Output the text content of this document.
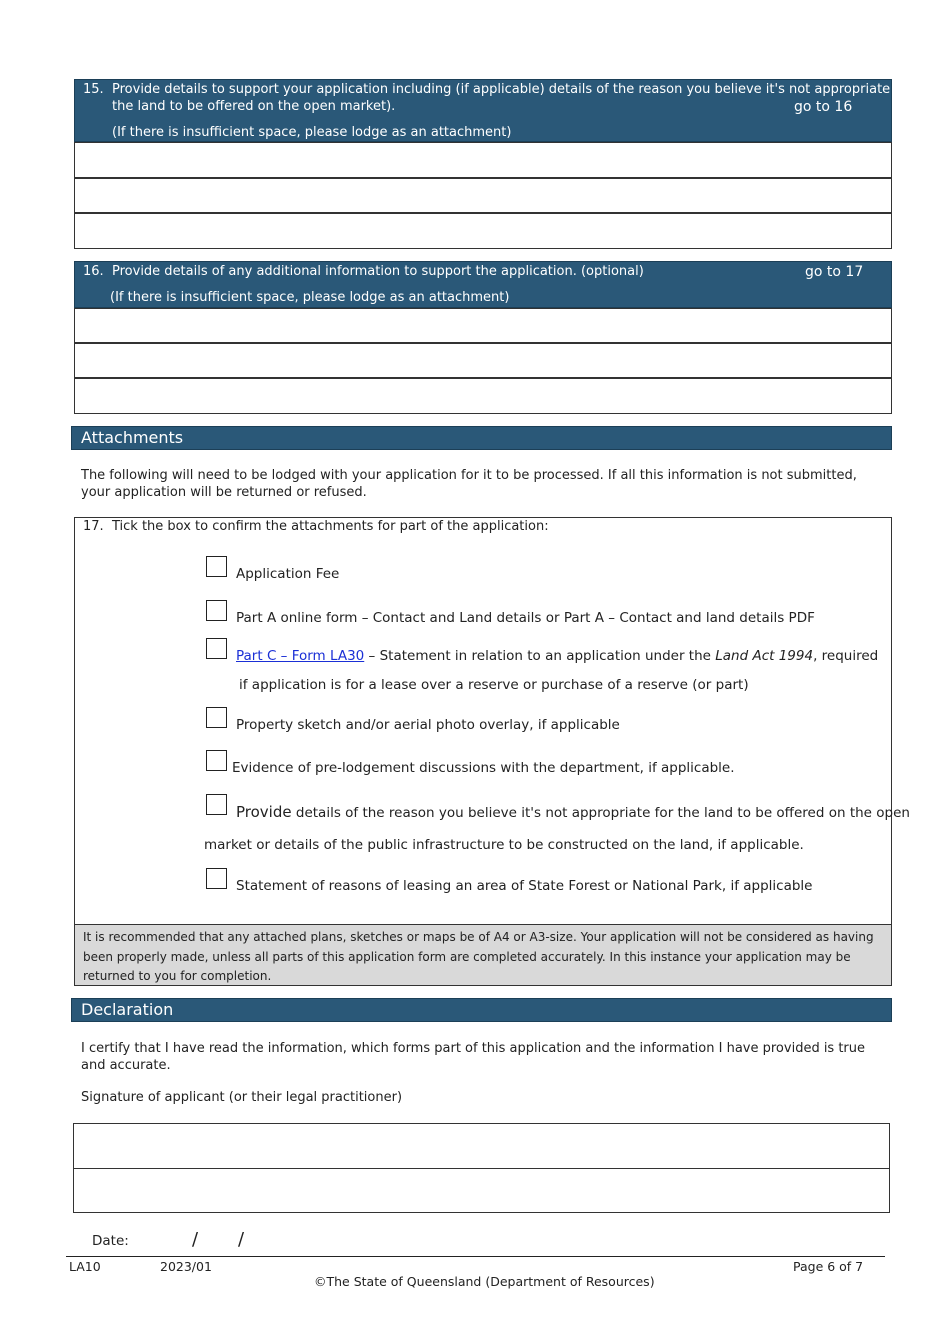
15. Provide details to support your application including (if applicable) details of the reason you believe it's not appropriate for
the land to be offered on the open market).	go to 16
(If there is insufficient space, please lodge as an attachment)
16. Provide details of any additional information to support the application. (optional)	go to 17
(If there is insufficient space, please lodge as an attachment)
Attachments
The following will need to be lodged with your application for it to be processed. If all this information is not submitted, your application will be returned or refused.
17. Tick the box to confirm the attachments for part of the application:
Application Fee
Part A online form – Contact and Land details or Part A – Contact and land details PDF
Part C – Form LA30 – Statement in relation to an application under the Land Act 1994, required
if application is for a lease over a reserve or purchase of a reserve (or part)
Property sketch and/or aerial photo overlay, if applicable
Evidence of pre-lodgement discussions with the department, if applicable.
Provide details of the reason you believe it's not appropriate for the land to be offered on the open
market or details of the public infrastructure to be constructed on the land, if applicable.
Statement of reasons of leasing an area of State Forest or National Park, if applicable
It is recommended that any attached plans, sketches or maps be of A4 or A3-size. Your application will not be considered as having been properly made, unless all parts of this application form are completed accurately. In this instance your application may be returned to you for completion.
Declaration
I certify that I have read the information, which forms part of this application and the information I have provided is true and accurate.
Signature of applicant (or their legal practitioner)
Date:	/ /
LA10	2023/01	Page 6 of 7
©The State of Queensland (Department of Resources)
